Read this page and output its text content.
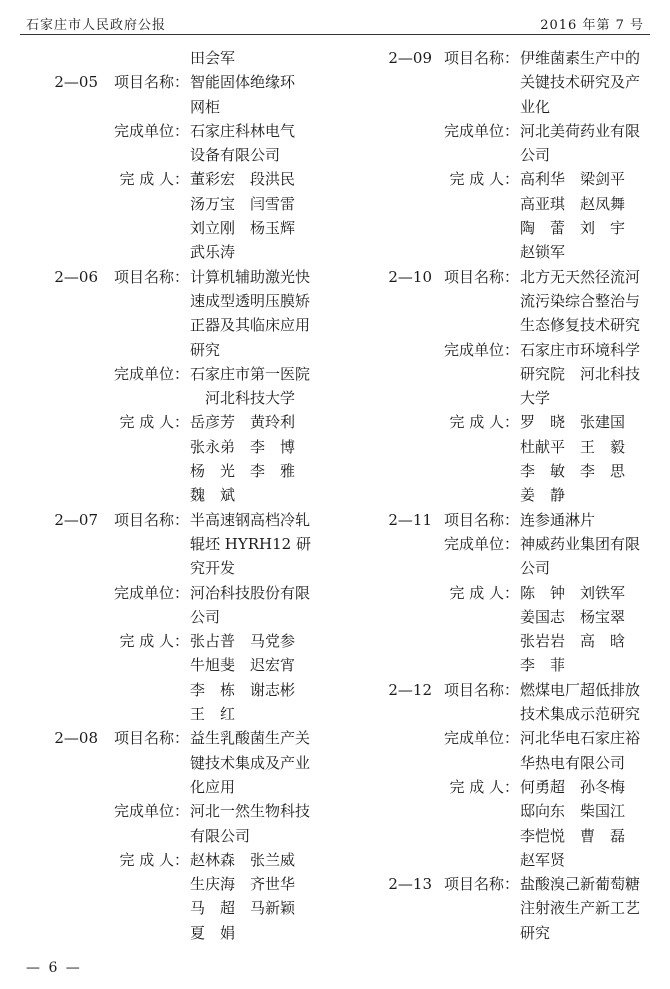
石家庄市人民政府公报	2016 年第 7 号
田会军
2—05	项目名称： 智能固体绝缘环
网柜
完成单位： 石家庄科林电气
设备有限公司
完 成 人： 董彩宏　段洪民
汤万宝　闫雪雷
刘立刚　杨玉辉
武乐涛
2—06	项目名称： 计算机辅助激光快
速成型透明压膜矫
正器及其临床应用
研究
完成单位： 石家庄市第一医院
　河北科技大学
完 成 人： 岳彦芳　黄玲利
张永弟　李　博
杨　光　李　雅
魏　斌
2—07	项目名称： 半高速钢高档冷轧
辊坯 HYRH12 研
究开发
完成单位： 河冶科技股份有限
公司
完 成 人： 张占普　马党参
牛旭斐　迟宏宵
李　栋　谢志彬
王　红
2—08	项目名称： 益生乳酸菌生产关
键技术集成及产业
化应用
完成单位： 河北一然生物科技
有限公司
完 成 人： 赵林森　张兰威
生庆海　齐世华
马　超　马新颖
夏　娟
2—09 项目名称： 伊维菌素生产中的
关键技术研究及产
业化
完成单位： 河北美荷药业有限
公司
完 成 人： 高利华　梁剑平
高亚琪　赵凤舞
陶　蕾　刘　宇
赵锁军
2—10 项目名称： 北方无天然径流河
流污染综合整治与
生态修复技术研究
完成单位： 石家庄市环境科学
研究院　河北科技
大学
完 成 人： 罗　晓　张建国
杜献平　王　毅
李　敏　李　思
姜　静
2—11 项目名称： 连参通淋片
完成单位： 神威药业集团有限
公司
完 成 人： 陈　钟　刘铁军
姜国志　杨宝翠
张岩岩　高　晗
李　菲
2—12 项目名称： 燃煤电厂超低排放
技术集成示范研究
完成单位： 河北华电石家庄裕
华热电有限公司
完 成 人： 何勇超　孙冬梅
邸向东　柴国江
李恺悦　曹　磊
赵军贤
2—13 项目名称： 盐酸溴己新葡萄糖
注射液生产新工艺
研究
— 6 —
